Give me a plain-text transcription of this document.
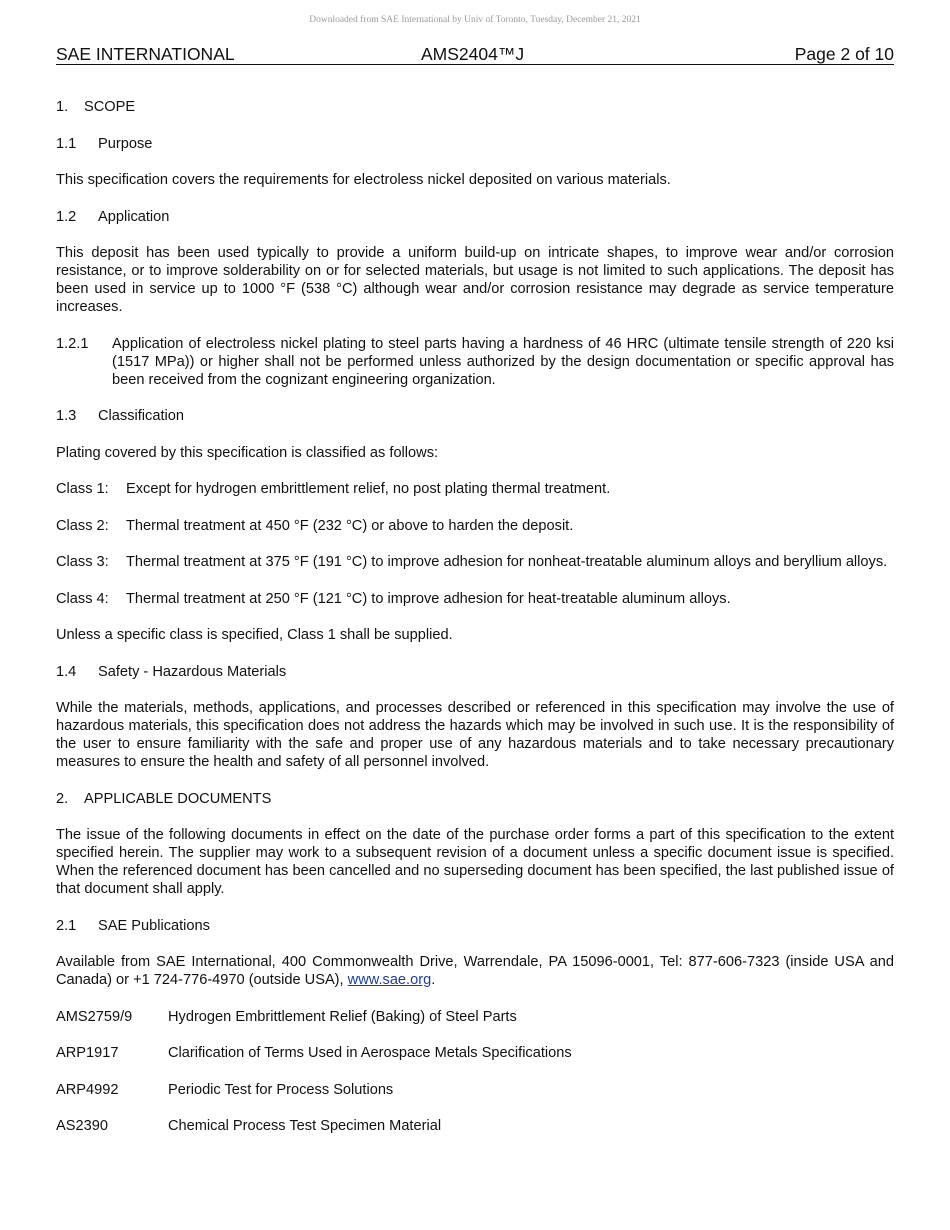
Downloaded from SAE International by Univ of Toronto, Tuesday, December 21, 2021
SAE INTERNATIONAL	AMS2404™J	Page 2 of 10
1. SCOPE
1.1 Purpose

This specification covers the requirements for electroless nickel deposited on various materials.

1.2 Application

This deposit has been used typically to provide a uniform build-up on intricate shapes, to improve wear and/or corrosion resistance, or to improve solderability on or for selected materials, but usage is not limited to such applications. The deposit has been used in service up to 1000 °F (538 °C) although wear and/or corrosion resistance may degrade as service temperature increases.

1.2.1	Application of electroless nickel plating to steel parts having a hardness of 46 HRC (ultimate tensile strength of 220 ksi (1517 MPa)) or higher shall not be performed unless authorized by the design documentation or specific approval has been received from the cognizant engineering organization.
1.3 Classification

Plating covered by this specification is classified as follows:

Class 1:	Except for hydrogen embrittlement relief, no post plating thermal treatment.
Class 2:	Thermal treatment at 450 °F (232 °C) or above to harden the deposit.
Class 3:	Thermal treatment at 375 °F (191 °C) to improve adhesion for nonheat-treatable aluminum alloys and beryllium alloys.
Class 4:	Thermal treatment at 250 °F (121 °C) to improve adhesion for heat-treatable aluminum alloys.

Unless a specific class is specified, Class 1 shall be supplied.

1.4 Safety - Hazardous Materials

While the materials, methods, applications, and processes described or referenced in this specification may involve the use of hazardous materials, this specification does not address the hazards which may be involved in such use. It is the responsibility of the user to ensure familiarity with the safe and proper use of any hazardous materials and to take necessary precautionary measures to ensure the health and safety of all personnel involved.

2. APPLICABLE DOCUMENTS

The issue of the following documents in effect on the date of the purchase order forms a part of this specification to the extent specified herein. The supplier may work to a subsequent revision of a document unless a specific document issue is specified. When the referenced document has been cancelled and no superseding document has been specified, the last published issue of that document shall apply.

2.1 SAE Publications

Available from SAE International, 400 Commonwealth Drive, Warrendale, PA 15096-0001, Tel: 877-606-7323 (inside USA and Canada) or +1 724-776-4970 (outside USA), www.sae.org.

AMS2759/9	Hydrogen Embrittlement Relief (Baking) of Steel Parts
ARP1917	Clarification of Terms Used in Aerospace Metals Specifications
ARP4992	Periodic Test for Process Solutions
AS2390	Chemical Process Test Specimen Material
